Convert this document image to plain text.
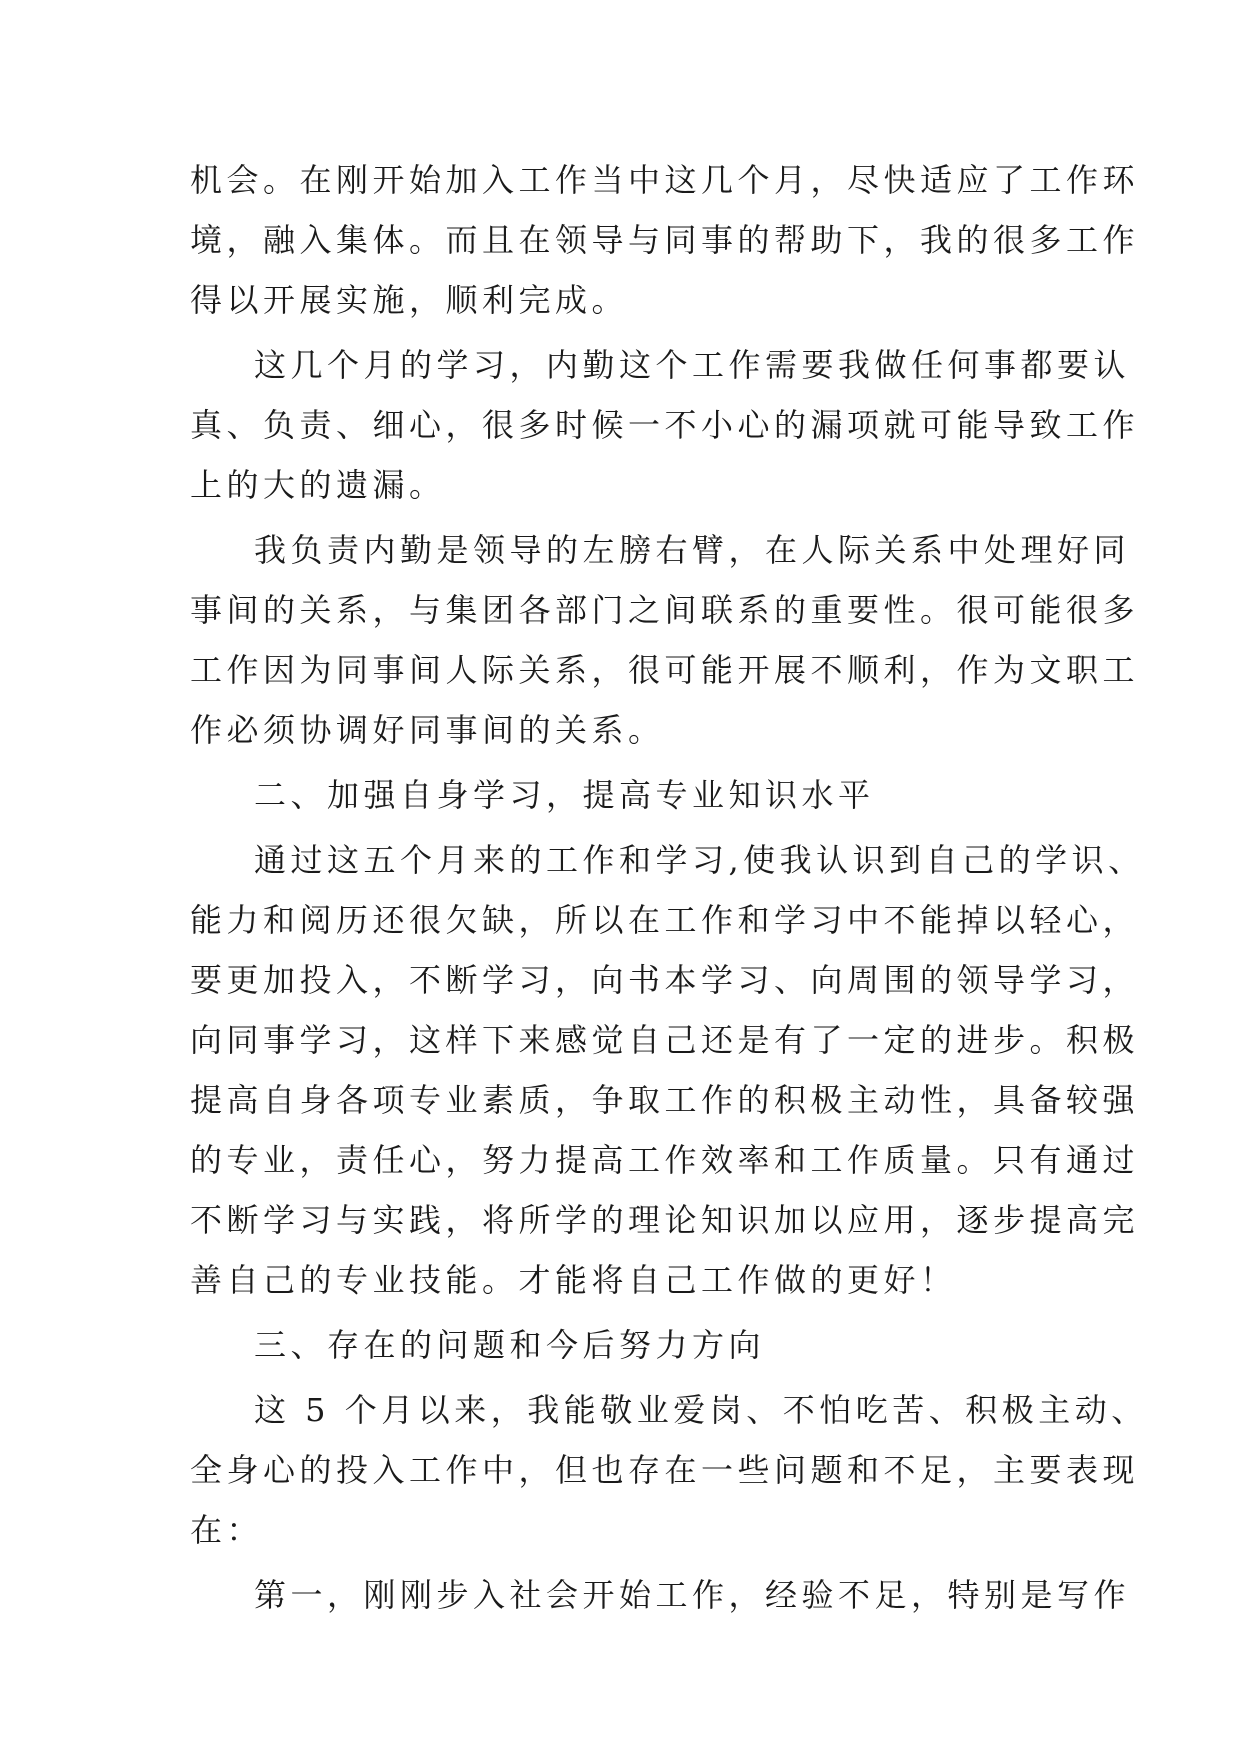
机会。在刚开始加入工作当中这几个月，尽快适应了工作环
境，融入集体。而且在领导与同事的帮助下，我的很多工作
得以开展实施，顺利完成。
这几个月的学习，内勤这个工作需要我做任何事都要认
真、负责、细心，很多时候一不小心的漏项就可能导致工作
上的大的遗漏。
我负责内勤是领导的左膀右臂，在人际关系中处理好同
事间的关系，与集团各部门之间联系的重要性。很可能很多
工作因为同事间人际关系，很可能开展不顺利，作为文职工
作必须协调好同事间的关系。
二、加强自身学习，提高专业知识水平
通过这五个月来的工作和学习,使我认识到自己的学识、
能力和阅历还很欠缺，所以在工作和学习中不能掉以轻心，
要更加投入，不断学习，向书本学习、向周围的领导学习，
向同事学习，这样下来感觉自己还是有了一定的进步。积极
提高自身各项专业素质，争取工作的积极主动性，具备较强
的专业，责任心，努力提高工作效率和工作质量。只有通过
不断学习与实践，将所学的理论知识加以应用，逐步提高完
善自己的专业技能。才能将自己工作做的更好！
三、存在的问题和今后努力方向
这 5 个月以来，我能敬业爱岗、不怕吃苦、积极主动、
全身心的投入工作中，但也存在一些问题和不足，主要表现
在：
第一，刚刚步入社会开始工作，经验不足，特别是写作
